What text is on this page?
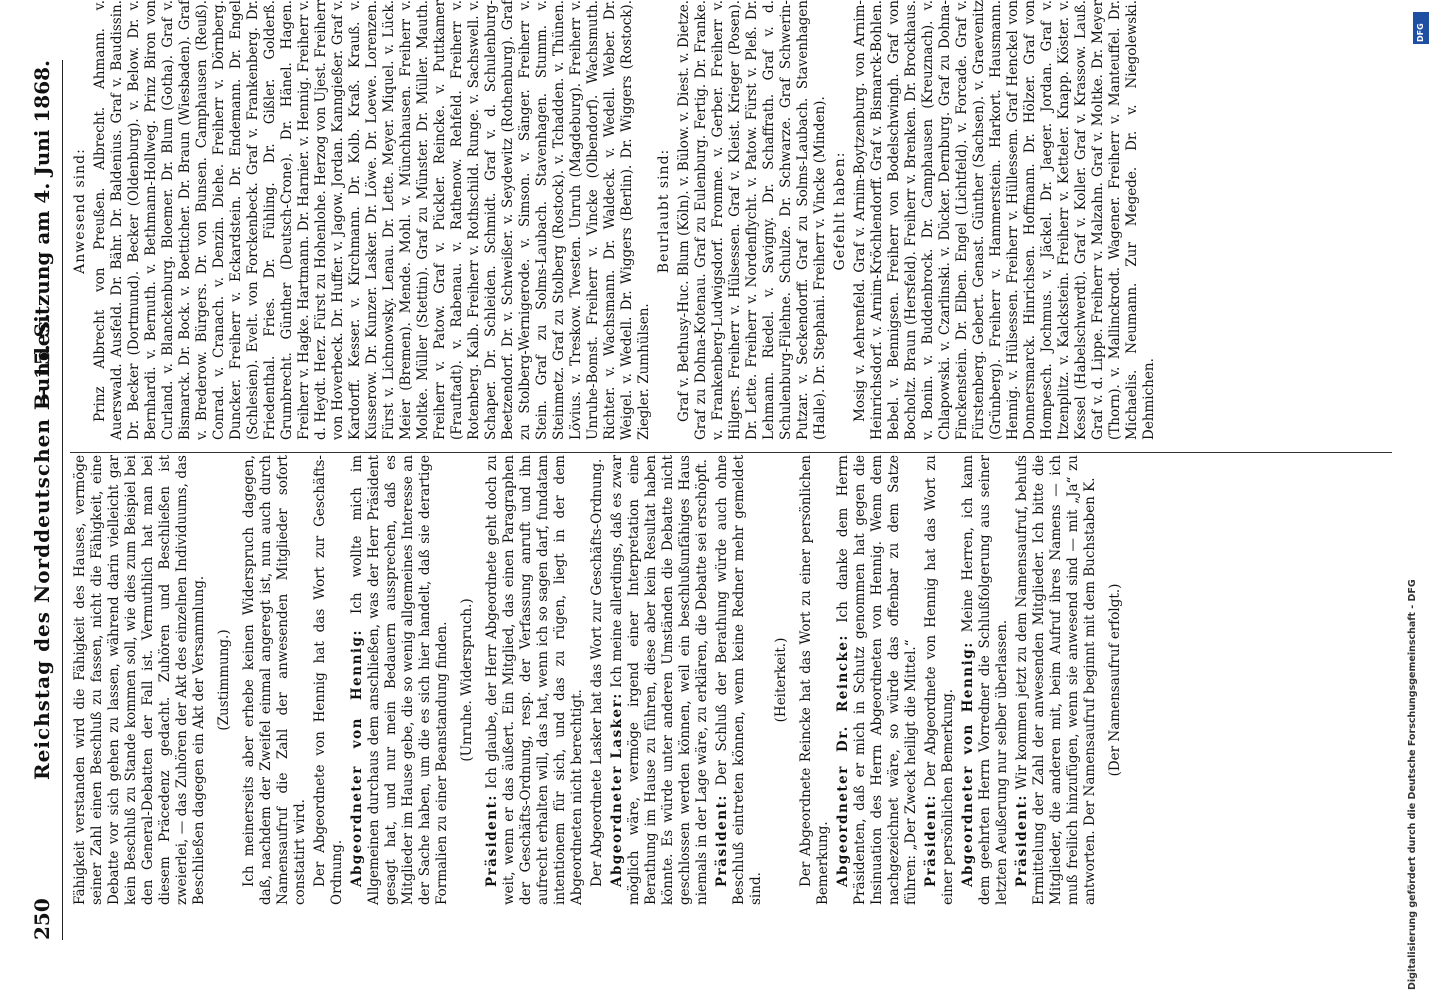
250
Reichstag des Norddeutschen Bundes.
— 15. Sitzung am 4. Juni 1868.

Fähigkeit verstanden wird die Fähigkeit des Hauses, vermöge seiner Zahl einen Beschluß zu fassen, nicht die Fähigkeit, eine Debatte vor sich gehen zu lassen, während darin vielleicht gar kein Beschluß zu Stande kommen soll, wie dies zum Beispiel bei den General-Debatten der Fall ist. Vermuthlich hat man bei diesem Präcedenz gedacht. Zuhören und Beschließen ist zweierlei, — das Zuhören der Akt des einzelnen Individuums, das Beschließen dagegen ein Akt der Versammlung. (Zustimmung.) Ich meinerseits aber erhebe keinen Widerspruch dagegen, daß, nachdem der Zweifel einmal angeregt ist, nun auch durch Namensaufruf die Zahl der anwesenden Mitglieder sofort constatirt wird. Der Abgeordnete von Hennig hat das Wort zur Geschäfts-Ordnung. Abgeordneter von Hennig: Ich wollte mich im Allgemeinen durchaus dem anschließen, was der Herr Präsident gesagt hat, und nur mein Bedauern aussprechen, daß es Mitglieder im Hause gebe, die so wenig allgemeines Interesse an der Sache haben, um die es sich hier handelt, daß sie derartige Formalien zu einer Beanstandung finden. (Unruhe. Widerspruch.)

Präsident: Ich glaube, der Herr Abgeordnete geht doch zu weit, wenn er das äußert. Ein Mitglied, das einen Paragraphen der Geschäfts-Ordnung, resp. der Verfassung anruft und ihn aufrecht erhalten will, das hat, wenn ich so sagen darf, fundatam intentionem für sich, und das zu rügen, liegt in der dem Abgeordneten nicht berechtigt. Der Abgeordnete Lasker hat das Wort zur Geschäfts-Ordnung. Abgeordneter Lasker: Ich meine allerdings, daß es zwar möglich wäre, vermöge irgend einer Interpretation eine Berathung im Hause zu führen, diese aber kein Resultat haben könnte. Es würde unter anderen Umständen die Debatte nicht geschlossen werden können, weil ein beschlußunfähiges Haus niemals in der Lage wäre, zu erklären, die Debatte sei erschöpft. Präsident: Der Schluß der Berathung würde auch ohne Beschluß eintreten können, wenn keine Redner mehr gemeldet sind.

(Heiterkeit.) Der Abgeordnete Reincke hat das Wort zu einer persönlichen Bemerkung. Abgeordneter Dr. Reincke: Ich danke dem Herrn Präsidenten, daß er mich in Schutz genommen hat gegen die Insinuation des Herrn Abgeordneten von Hennig. Wenn dem nachgezeichnet wäre, so würde das offenbar zu dem Satze führen: „Der Zweck heiligt die Mittel.“ Präsident: Der Abgeordnete von Hennig hat das Wort zu einer persönlichen Bemerkung. Abgeordneter von Hennig: Meine Herren, ich kann dem geehrten Herrn Vorredner die Schlußfolgerung aus seiner letzten Aeußerung nur selber überlassen. Präsident: Wir kommen jetzt zu dem Namensaufruf, behufs Ermittelung der Zahl der anwesenden Mitglieder. Ich bitte die Mitglieder, die anderen mit, beim Aufruf ihres Namens — ich muß freilich hinzufügen, wenn sie anwesend sind — mit „Ja“ zu antworten. Der Namensaufruf beginnt mit dem Buchstaben K. (Der Namensaufruf erfolgt.)

Anwesend sind: Prinz Albrecht von Preußen. Albrecht. Ahmann. v. Auerswald. Ausfeld. Dr. Bähr. Dr. Baldenius. Graf v. Baudissin. Dr. Becker (Dortmund). Becker (Oldenburg). v. Below. Dr. v. Bernhardi. v. Bernuth. v. Bethmann-Hollweg. Prinz Biron von Curland. v. Blanckenburg. Bloemer. Dr. Blum (Gotha). Graf v. Bismarck. Dr. Bock. v. Boetticher. Dr. Braun (Wiesbaden). Graf v. Brederow. Bürgers. Dr. von Bunsen. Camphausen (Reuß). Conrad. v. Cranach. v. Denzin. Diehe. Freiherr v. Dörnberg. Duncker. Freiherr v. Eckardstein. Dr. Endemann. Dr. Engel (Schlesien). Evelt. von Forckenbeck. Graf v. Frankenberg. Dr. Friedenthal. Fries. Dr. Fühling. Dr. Gißler. Golderß. Grumbrecht. Günther (Deutsch-Crone). Dr. Hänel. Hagen. Freiherr v. Hagke. Hartmann. Dr. Harnier. v. Hennig. Freiherr v. d. Heydt. Herz. Fürst zu Hohenlohe. Herzog von Ujest. Freiherr von Hoverbeck. Dr. Huffer. v. Jagow. Jordan. Kanngießer. Graf v. Kardorff. Kesser. v. Kirchmann. Dr. Kolb. Kraß. Krauß. v. Kusserow. Dr. Kunzer. Lasker. Dr. Löwe. Dr. Loewe. Lorenzen. Fürst v. Lichnowsky. Lenau. Dr. Lette. Meyer. Miquel. v. Lück. Meier (Bremen). Mende. Mohl. v. Münchhausen. Freiherr v. Moltke. Müller (Stettin). Graf zu Münster. Dr. Müller. Mauth. Freiherr v. Patow. Graf v. Pückler. Reincke. v. Puttkamer (Frauftadt). v. Rabenau. v. Rathenow. Rehfeld. Freiherr v. Rotenberg. Kalb. Freiherr v. Rothschild. Runge. v. Sachswell. v. Schaper. Dr. Schleiden. Schmidt. Graf v. d. Schulenburg-Beetzendorf. Dr. v. Schweißer. v. Seydewitz (Rothenburg). Graf zu Stolberg-Wernigerode. v. Simson. v. Sänger. Freiherr v. Stein. Graf zu Solms-Laubach. Stavenhagen. Stumm. v. Steinmetz. Graf zu Stolberg (Rostock). v. Tchadden. v. Thünen. Lövius. v. Treskow. Twesten. Unruh (Magdeburg). Freiherr v. Unruhe-Bomst. Freiherr v. Vincke (Olbendorf). Wachsmuth. Richter. v. Wachsmann. Dr. Waldeck. v. Wedell. Weber. Dr. Weigel. v. Wedell. Dr. Wiggers (Berlin). Dr. Wiggers (Rostock). Ziegler. Zumhülsen.

Beurlaubt sind: Graf v. Bethusy-Huc. Blum (Köln). v. Bülow. v. Diest. v. Dietze. Graf zu Dohna-Kotenau. Graf zu Eulenburg. Fertig. Dr. Franke. v. Frankenberg-Ludwigsdorf. Fromme. v. Gerber. Freiherr v. Hilgers. Freiherr v. Hülsessen. Graf v. Kleist. Krieger (Posen). Dr. Lette. Freiherr v. Nordenflycht. v. Patow. Fürst v. Pleß. Dr. Lehmann. Riedel. v. Savigny. Dr. Schaffrath. Graf v. d. Schulenburg-Filehne. Schulze. Dr. Schwarze. Graf Schwerin-Putzar. v. Seckendorff. Graf zu Solms-Laubach. Stavenhagen (Halle). Dr. Stephani. Freiherr v. Vincke (Minden). Gefehlt haben: Mosig v. Aehrenfeld. Graf v. Arnim-Boytzenburg. von Arnim-Heinrichsdorf. v. Arnim-Kröchlendorff. Graf v. Bismarck-Bohlen. Bebel. v. Bennigsen. Freiherr von Bodelschwingh. Graf von Bocholtz. Braun (Hersfeld). Freiherr v. Brenken. Dr. Brockhaus. v. Bonin. v. Buddenbrock. Dr. Camphausen (Kreuznach). v. Chlapowski. v. Czarlinski. v. Dücker. Dernburg. Graf zu Dohna-Finckenstein. Dr. Elben. Engel (Lichtfeld). v. Forcade. Graf v. Fürstenberg. Gebert. Genast. Günther (Sachsen). v. Graevenitz (Grünberg). Freiherr v. Hammerstein. Harkort. Hausmann. Hennig. v. Hülsessen. Freiherr v. Hüllessem. Graf Henckel von Donnersmarck. Hinrichsen. Hoffmann. Dr. Hölzer. Graf von Hompesch. Jochmus. v. Jäckel. Dr. Jaeger. Jordan. Graf v. Itzenplitz. v. Kalckstein. Freiherr v. Ketteler. Knapp. Köster. v. Kessel (Habelschwerdt). Graf v. Koller. Graf v. Krassow. Lauß. Graf v. d. Lippe. Freiherr v. Malzahn. Graf v. Moltke. Dr. Meyer (Thorn). v. Mallinckrodt. Wagener. Freiherr v. Manteuffel. Dr. Michaelis. Neumann. Zur Megede. Dr. v. Niegolewski. Dehmichen.

Digitalisierung gefördert durch die Deutsche Forschungsgemeinschaft - DFG
DFG
